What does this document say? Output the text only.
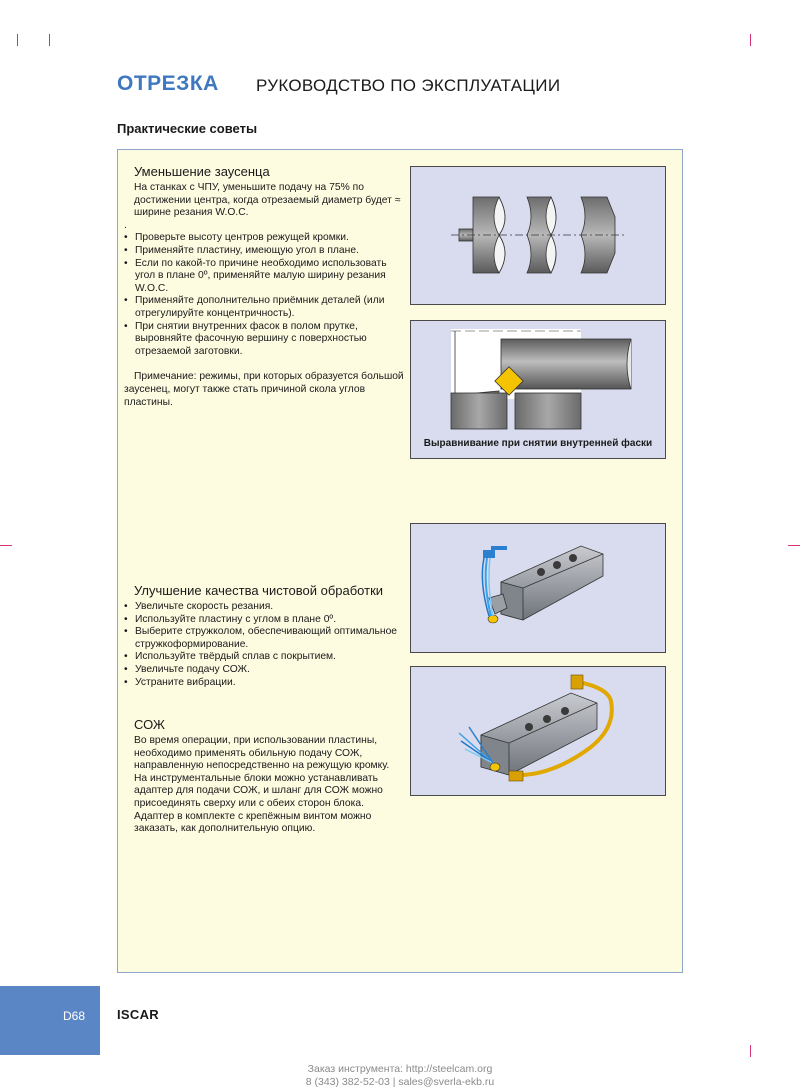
ОТРЕЗКА РУКОВОДСТВО ПО ЭКСПЛУАТАЦИИ
Практические советы
Уменьшение заусенца
На станках с ЧПУ, уменьшите подачу на 75% по достижении центра, когда отрезаемый диаметр будет ≈ ширине резания W.O.C.
.
• Проверьте высоту центров режущей кромки.
• Применяйте пластину, имеющую угол в плане.
• Если по какой-то причине необходимо использовать угол в плане 0º, применяйте малую ширину резания W.O.C.
• Применяйте дополнительно приёмник деталей (или отрегулируйте концентричность).
• При снятии внутренних фасок в полом прутке, выровняйте фасочную вершину с поверхностью отрезаемой заготовки.
Примечание: режимы, при которых образуется большой заусенец, могут также стать причиной скола углов пластины.
Выравнивание при снятии внутренней фаски
Улучшение качества чистовой обработки
• Увеличьте скорость резания.
• Используйте пластину с углом в плане 0º.
• Выберите стружколом, обеспечивающий оптимальное стружкоформирование.
• Используйте твёрдый сплав с покрытием.
• Увеличьте подачу СОЖ.
• Устраните вибрации.
СОЖ
Во время операции, при использовании пластины, необходимо применять обильную подачу СОЖ, направленную непосредственно на режущую кромку.
На инструментальные блоки можно устанавливать адаптер для подачи СОЖ, и шланг для СОЖ можно присоединять сверху или с обеих сторон блока. Адаптер в комплекте с крепёжным винтом можно заказать, как дополнительную опцию.
D68 ISCAR
Заказ инструмента: http://steelcam.org
8 (343) 382-52-03 | sales@sverla-ekb.ru
